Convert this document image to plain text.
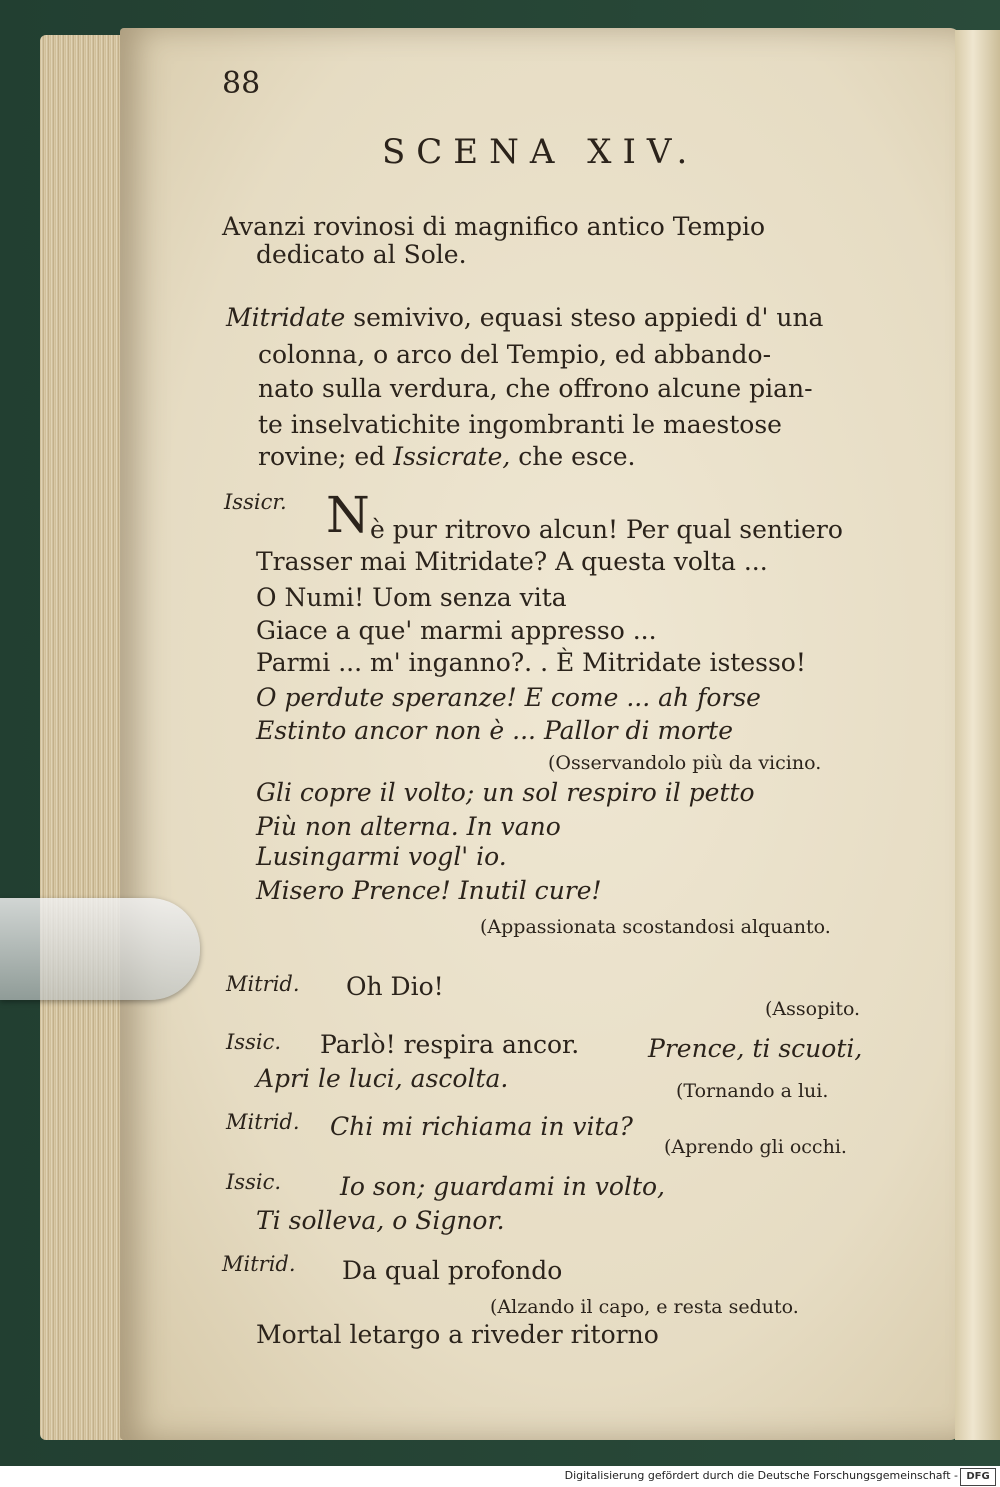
88
SCENA XIV.
Avanzi rovinosi di magnifico antico Tempio
dedicato al Sole.
Mitridate semivivo, equasi steso appiedi d' una
colonna, o arco del Tempio, ed abbando-
nato sulla verdura, che offrono alcune pian-
te inselvatichite ingombranti le maestose
rovine; ed Issicrate, che esce.
Issicr. N è pur ritrovo alcun! Per qual sentiero
Trasser mai Mitridate? A questa volta ...
O Numi! Uom senza vita
Giace a que' marmi appresso ...
Parmi ... m' inganno?. . È Mitridate istesso!
O perdute speranze! E come ... ah forse
Estinto ancor non è ... Pallor di morte
(Osservandolo più da vicino.
Gli copre il volto; un sol respiro il petto
Più non alterna. In vano
Lusingarmi vogl' io.
Misero Prence! Inutil cure!
(Appassionata scostandosi alquanto.
Mitrid. Oh Dio!
(Assopito.
Issic. Parlò! respira ancor.	Prence, ti scuoti,
Apri le luci, ascolta.	(Tornando a lui.
Mitrid. Chi mi richiama in vita?
(Aprendo gli occhi.
Issic. Io son; guardami in volto,
Ti solleva, o Signor.
Mitrid. Da qual profondo
(Alzando il capo, e resta seduto.
Mortal letargo a riveder ritorno
Digitalisierung gefördert durch die Deutsche Forschungsgemeinschaft - DFG
